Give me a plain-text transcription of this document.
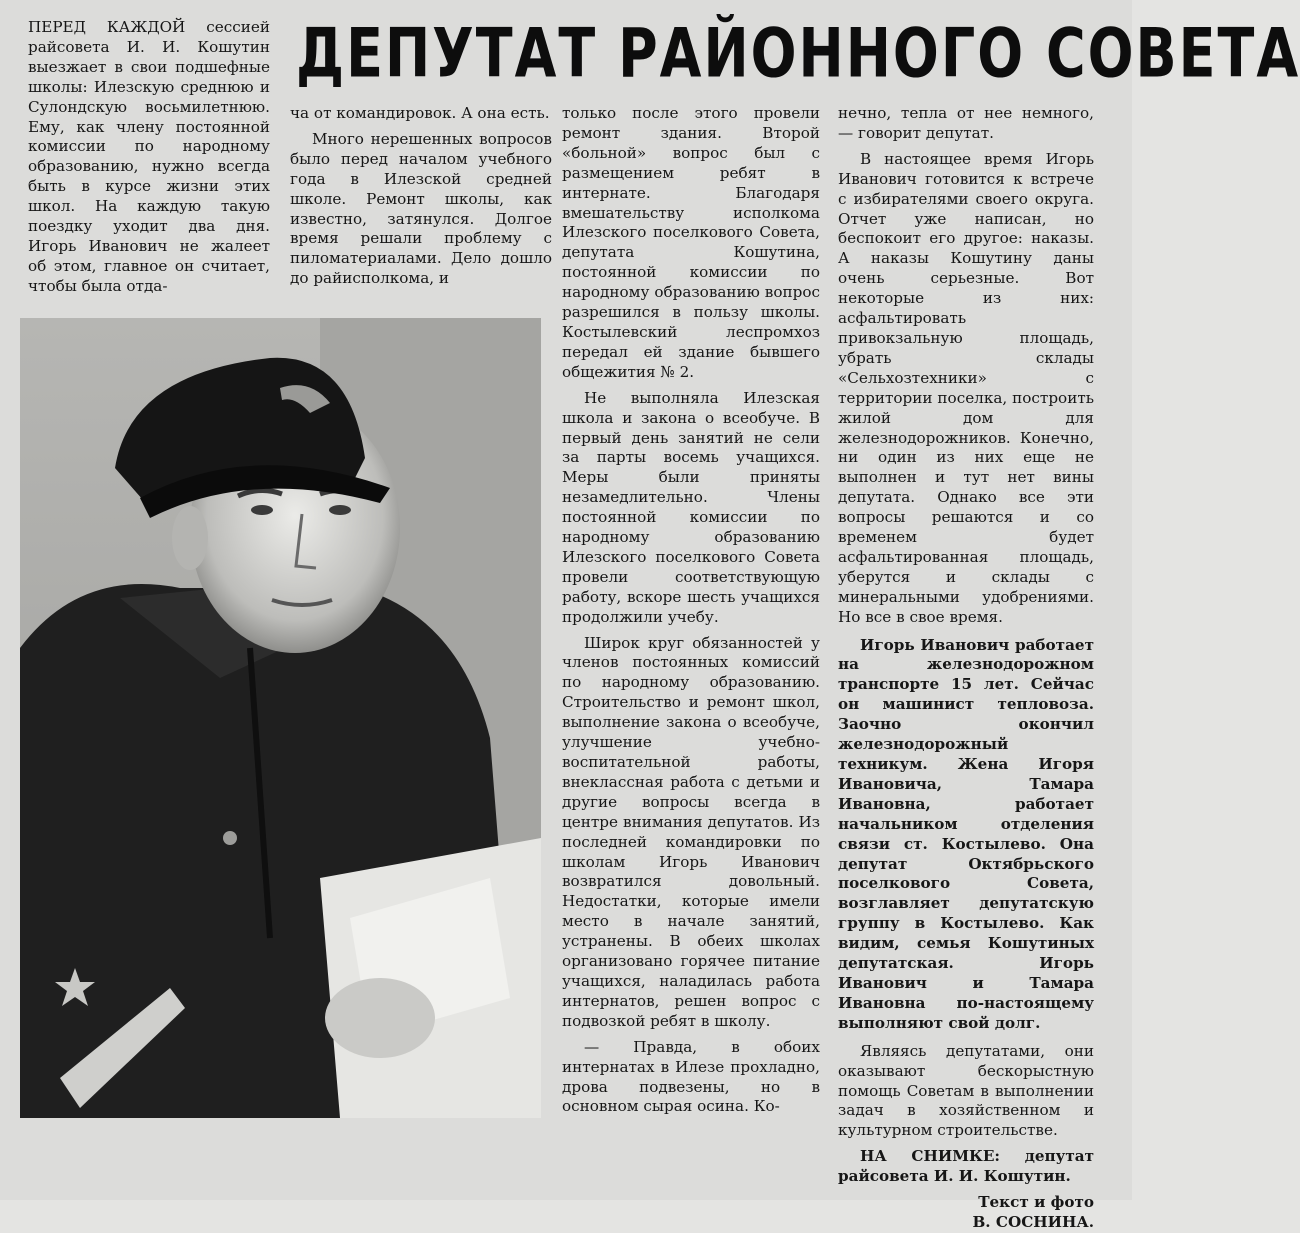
ДЕПУТАТ РАЙОННОГО СОВЕТА

ПЕРЕД КАЖДОЙ сессией райсовета И. И. Кошутин выезжает в свои подшефные школы: Илезскую среднюю и Сулондскую восьмилетнюю. Ему, как члену постоянной комиссии по народному образованию, нужно всегда быть в курсе жизни этих школ. На каждую такую поездку уходит два дня. Игорь Иванович не жалеет об этом, главное он считает, чтобы была отда-

ча от командировок. А она есть.

Много нерешенных вопросов было перед началом учебного года в Илезской средней школе. Ремонт школы, как известно, затянулся. Долгое время решали проблему с пиломатериалами. Дело дошло до райисполкома, и

только после этого провели ремонт здания. Второй «больной» вопрос был с размещением ребят в интернате. Благодаря вмешательству исполкома Илезского поселкового Совета, депутата Кошутина, постоянной комиссии по народному образованию вопрос разрешился в пользу школы. Костылевский леспромхоз передал ей здание бывшего общежития № 2.

Не выполняла Илезская школа и закона о всеобуче. В первый день занятий не сели за парты восемь учащихся. Меры были приняты незамедлительно. Члены постоянной комиссии по народному образованию Илезского поселкового Совета провели соответствующую работу, вскоре шесть учащихся продолжили учебу.

Широк круг обязанностей у членов постоянных комиссий по народному образованию. Строительство и ремонт школ, выполнение закона о всеобуче, улучшение учебно-воспитательной работы, внеклассная работа с детьми и другие вопросы всегда в центре внимания депутатов. Из последней командировки по школам Игорь Иванович возвратился довольный. Недостатки, которые имели место в начале занятий, устранены. В обеих школах организовано горячее питание учащихся, наладилась работа интернатов, решен вопрос с подвозкой ребят в школу.

— Правда, в обоих интернатах в Илезе прохладно, дрова подвезены, но в основном сырая осина. Ко-

нечно, тепла от нее немного, — говорит депутат.

В настоящее время Игорь Иванович готовится к встрече с избирателями своего округа. Отчет уже написан, но беспокоит его другое: наказы. А наказы Кошутину даны очень серьезные. Вот некоторые из них: асфальтировать привокзальную площадь, убрать склады «Сельхозтехники» с территории поселка, построить жилой дом для железнодорожников. Конечно, ни один из них еще не выполнен и тут нет вины депутата. Однако все эти вопросы решаются и со временем будет асфальтированная площадь, уберутся и склады с минеральными удобрениями. Но все в свое время.

Игорь Иванович работает на железнодорожном транспорте 15 лет. Сейчас он машинист тепловоза. Заочно окончил железнодорожный техникум. Жена Игоря Ивановича, Тамара Ивановна, работает начальником отделения связи ст. Костылево. Она депутат Октябрьского поселкового Совета, возглавляет депутатскую группу в Костылево. Как видим, семья Кошутиных депутатская. Игорь Иванович и Тамара Ивановна по-настоящему выполняют свой долг.

Являясь депутатами, они оказывают бескорыстную помощь Советам в выполнении задач в хозяйственном и культурном строительстве.

НА СНИМКЕ: депутат райсовета И. И. Кошутин.

Текст и фото

В. СОСНИНА.
